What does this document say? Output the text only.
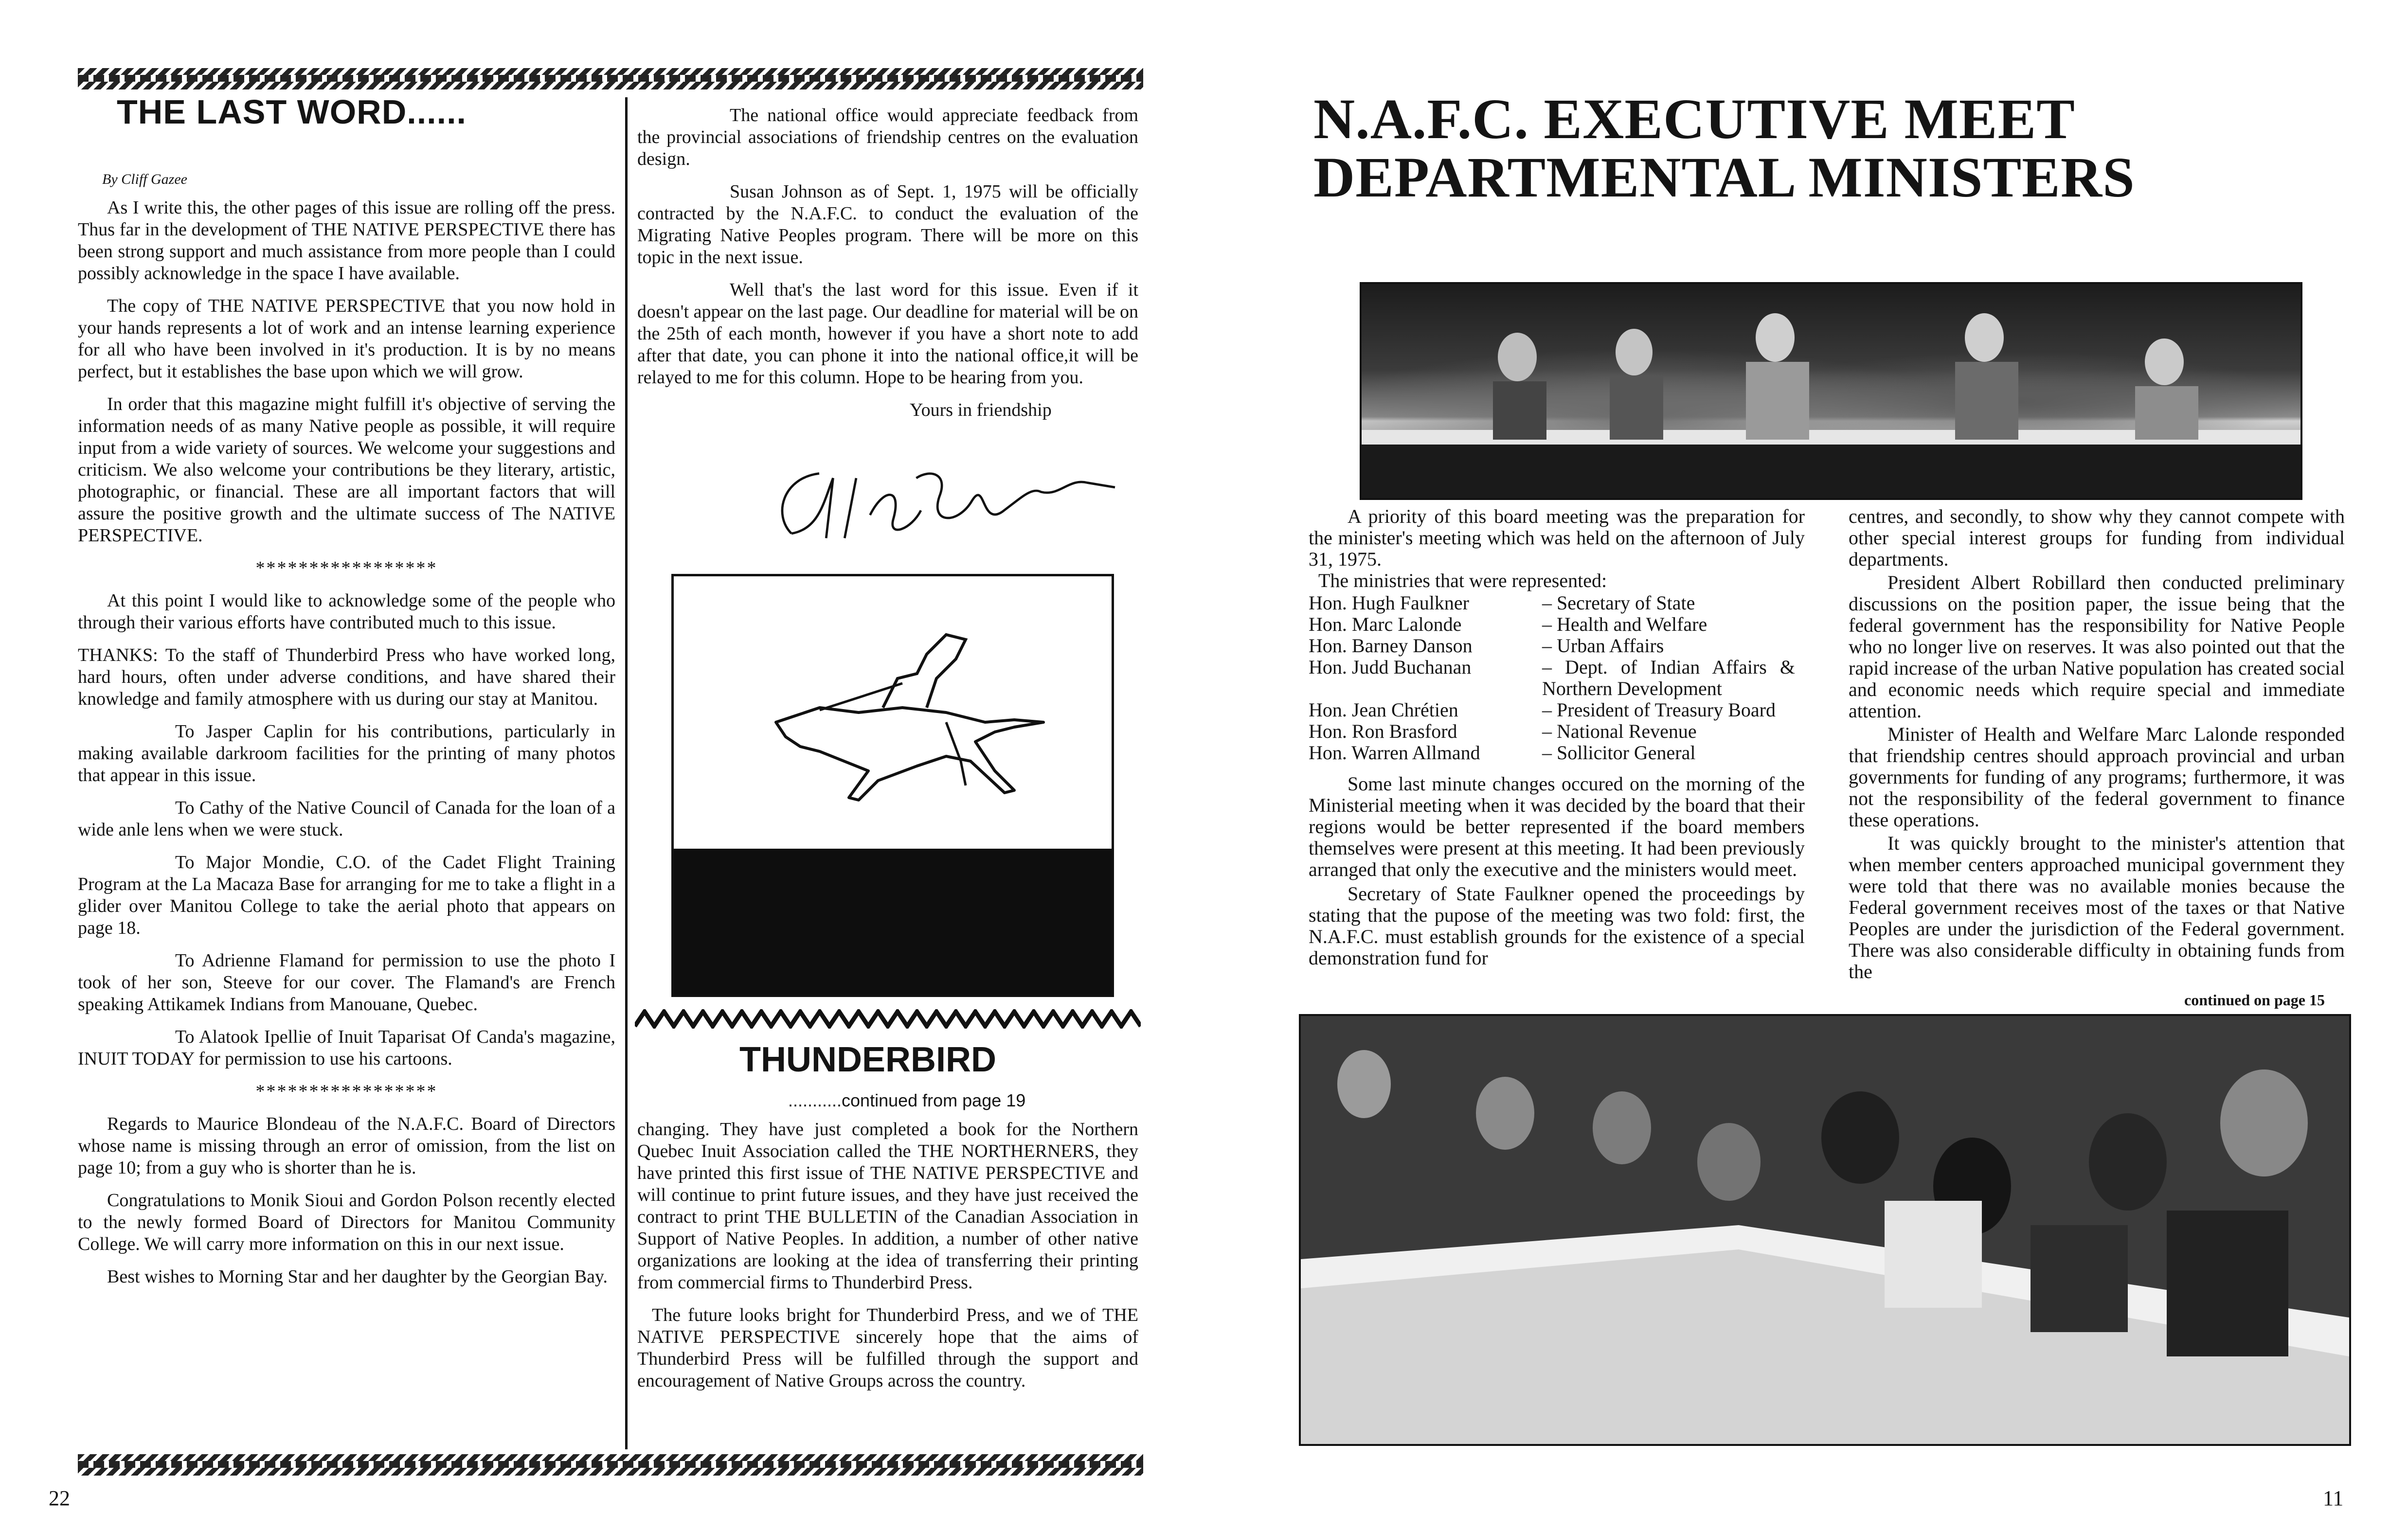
THE LAST WORD......
By Cliff Gazee

As I write this, the other pages of this issue are rolling off the press. Thus far in the development of THE NATIVE PERSPECTIVE there has been strong support and much assistance from more people than I could possibly acknowledge in the space I have available.

The copy of THE NATIVE PERSPECTIVE that you now hold in your hands represents a lot of work and an intense learning experience for all who have been involved in it's production. It is by no means perfect, but it establishes the base upon which we will grow.

In order that this magazine might fulfill it's objective of serving the information needs of as many Native people as possible, it will require input from a wide variety of sources. We welcome your suggestions and criticism. We also welcome your contributions be they literary, artistic, photographic, or financial. These are all important factors that will assure the positive growth and the ultimate success of The NATIVE PERSPECTIVE.

*****************

At this point I would like to acknowledge some of the people who through their various efforts have contributed much to this issue.

THANKS: To the staff of Thunderbird Press who have worked long, hard hours, often under adverse conditions, and have shared their knowledge and family atmosphere with us during our stay at Manitou.

To Jasper Caplin for his contributions, particularly in making available darkroom facilities for the printing of many photos that appear in this issue.

To Cathy of the Native Council of Canada for the loan of a wide anle lens when we were stuck.

To Major Mondie, C.O. of the Cadet Flight Training Program at the La Macaza Base for arranging for me to take a flight in a glider over Manitou College to take the aerial photo that appears on page 18.

To Adrienne Flamand for permission to use the photo I took of her son, Steeve for our cover. The Flamand's are French speaking Attikamek Indians from Manouane, Quebec.

To Alatook Ipellie of Inuit Taparisat Of Canda's magazine, INUIT TODAY for permission to use his cartoons.

*****************

Regards to Maurice Blondeau of the N.A.F.C. Board of Directors whose name is missing through an error of omission, from the list on page 10; from a guy who is shorter than he is.

Congratulations to Monik Sioui and Gordon Polson recently elected to the newly formed Board of Directors for Manitou Community College. We will carry more information on this in our next issue.

Best wishes to Morning Star and her daughter by the Georgian Bay.

The national office would appreciate feedback from the provincial associations of friendship centres on the evaluation design.

Susan Johnson as of Sept. 1, 1975 will be officially contracted by the N.A.F.C. to conduct the evaluation of the Migrating Native Peoples program. There will be more on this topic in the next issue.

Well that's the last word for this issue. Even if it doesn't appear on the last page. Our deadline for material will be on the 25th of each month, however if you have a short note to add after that date, you can phone it into the national office,it will be relayed to me for this column. Hope to be hearing from you.

Yours in friendship

Cliff Gazee
THUNDERBIRD
...........continued from page 19

changing. They have just completed a book for the Northern Quebec Inuit Association called the THE NORTHERNERS, they have printed this first issue of THE NATIVE PERSPECTIVE and will continue to print future issues, and they have just received the contract to print THE BULLETIN of the Canadian Association in Support of Native Peoples. In addition, a number of other native organizations are looking at the idea of transferring their printing from commercial firms to Thunderbird Press.

The future looks bright for Thunderbird Press, and we of THE NATIVE PERSPECTIVE sincerely hope that the aims of Thunderbird Press will be fulfilled through the support and encouragement of Native Groups across the country.

22
N.A.F.C. EXECUTIVE MEET
DEPARTMENTAL MINISTERS

A priority of this board meeting was the preparation for the minister's meeting which was held on the afternoon of July 31, 1975.

The ministries that were represented:

Hon. Hugh Faulkner	– Secretary of State
Hon. Marc Lalonde	– Health and Welfare
Hon. Barney Danson	– Urban Affairs
Hon. Judd Buchanan	– Dept. of Indian Affairs & Northern Development
Hon. Jean Chrétien	– President of Treasury Board
Hon. Ron Brasford	– National Revenue
Hon. Warren Allmand	– Sollicitor General

Some last minute changes occured on the morning of the Ministerial meeting when it was decided by the board that their regions would be better represented if the board members themselves were present at this meeting. It had been previously arranged that only the executive and the ministers would meet.

Secretary of State Faulkner opened the proceedings by stating that the pupose of the meeting was two fold: first, the N.A.F.C. must establish grounds for the existence of a special demonstration fund for

centres, and secondly, to show why they cannot compete with other special interest groups for funding from individual departments.

President Albert Robillard then conducted preliminary discussions on the position paper, the issue being that the federal government has the responsibility for Native People who no longer live on reserves. It was also pointed out that the rapid increase of the urban Native population has created social and economic needs which require special and immediate attention.

Minister of Health and Welfare Marc Lalonde responded that friendship centres should approach provincial and urban governments for funding of any programs; furthermore, it was not the responsibility of the federal government to finance these operations.

It was quickly brought to the minister's attention that when member centers approached municipal government they were told that there was no available monies because the Federal government receives most of the taxes or that Native Peoples are under the jurisdiction of the Federal government. There was also considerable difficulty in obtaining funds from the

continued on page 15
11
